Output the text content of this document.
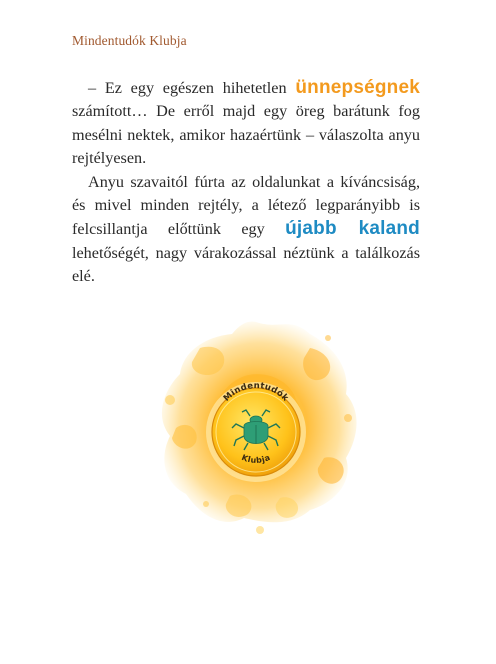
Mindentudók Klubja

– Ez egy egészen hihetetlen ünnepségnek számított… De erről majd egy öreg barátunk fog mesélni nektek, amikor hazaértünk – válaszolta anyu rejtélyesen.

Anyu szavaitól fúrta az oldalunkat a kíváncsiság, és mivel minden rejtély, a létező legparányibb is felcsillantja előttünk egy újabb kaland lehetőségét, nagy várakozással néztünk a találkozás elé.

Mindentudók
Klubja
